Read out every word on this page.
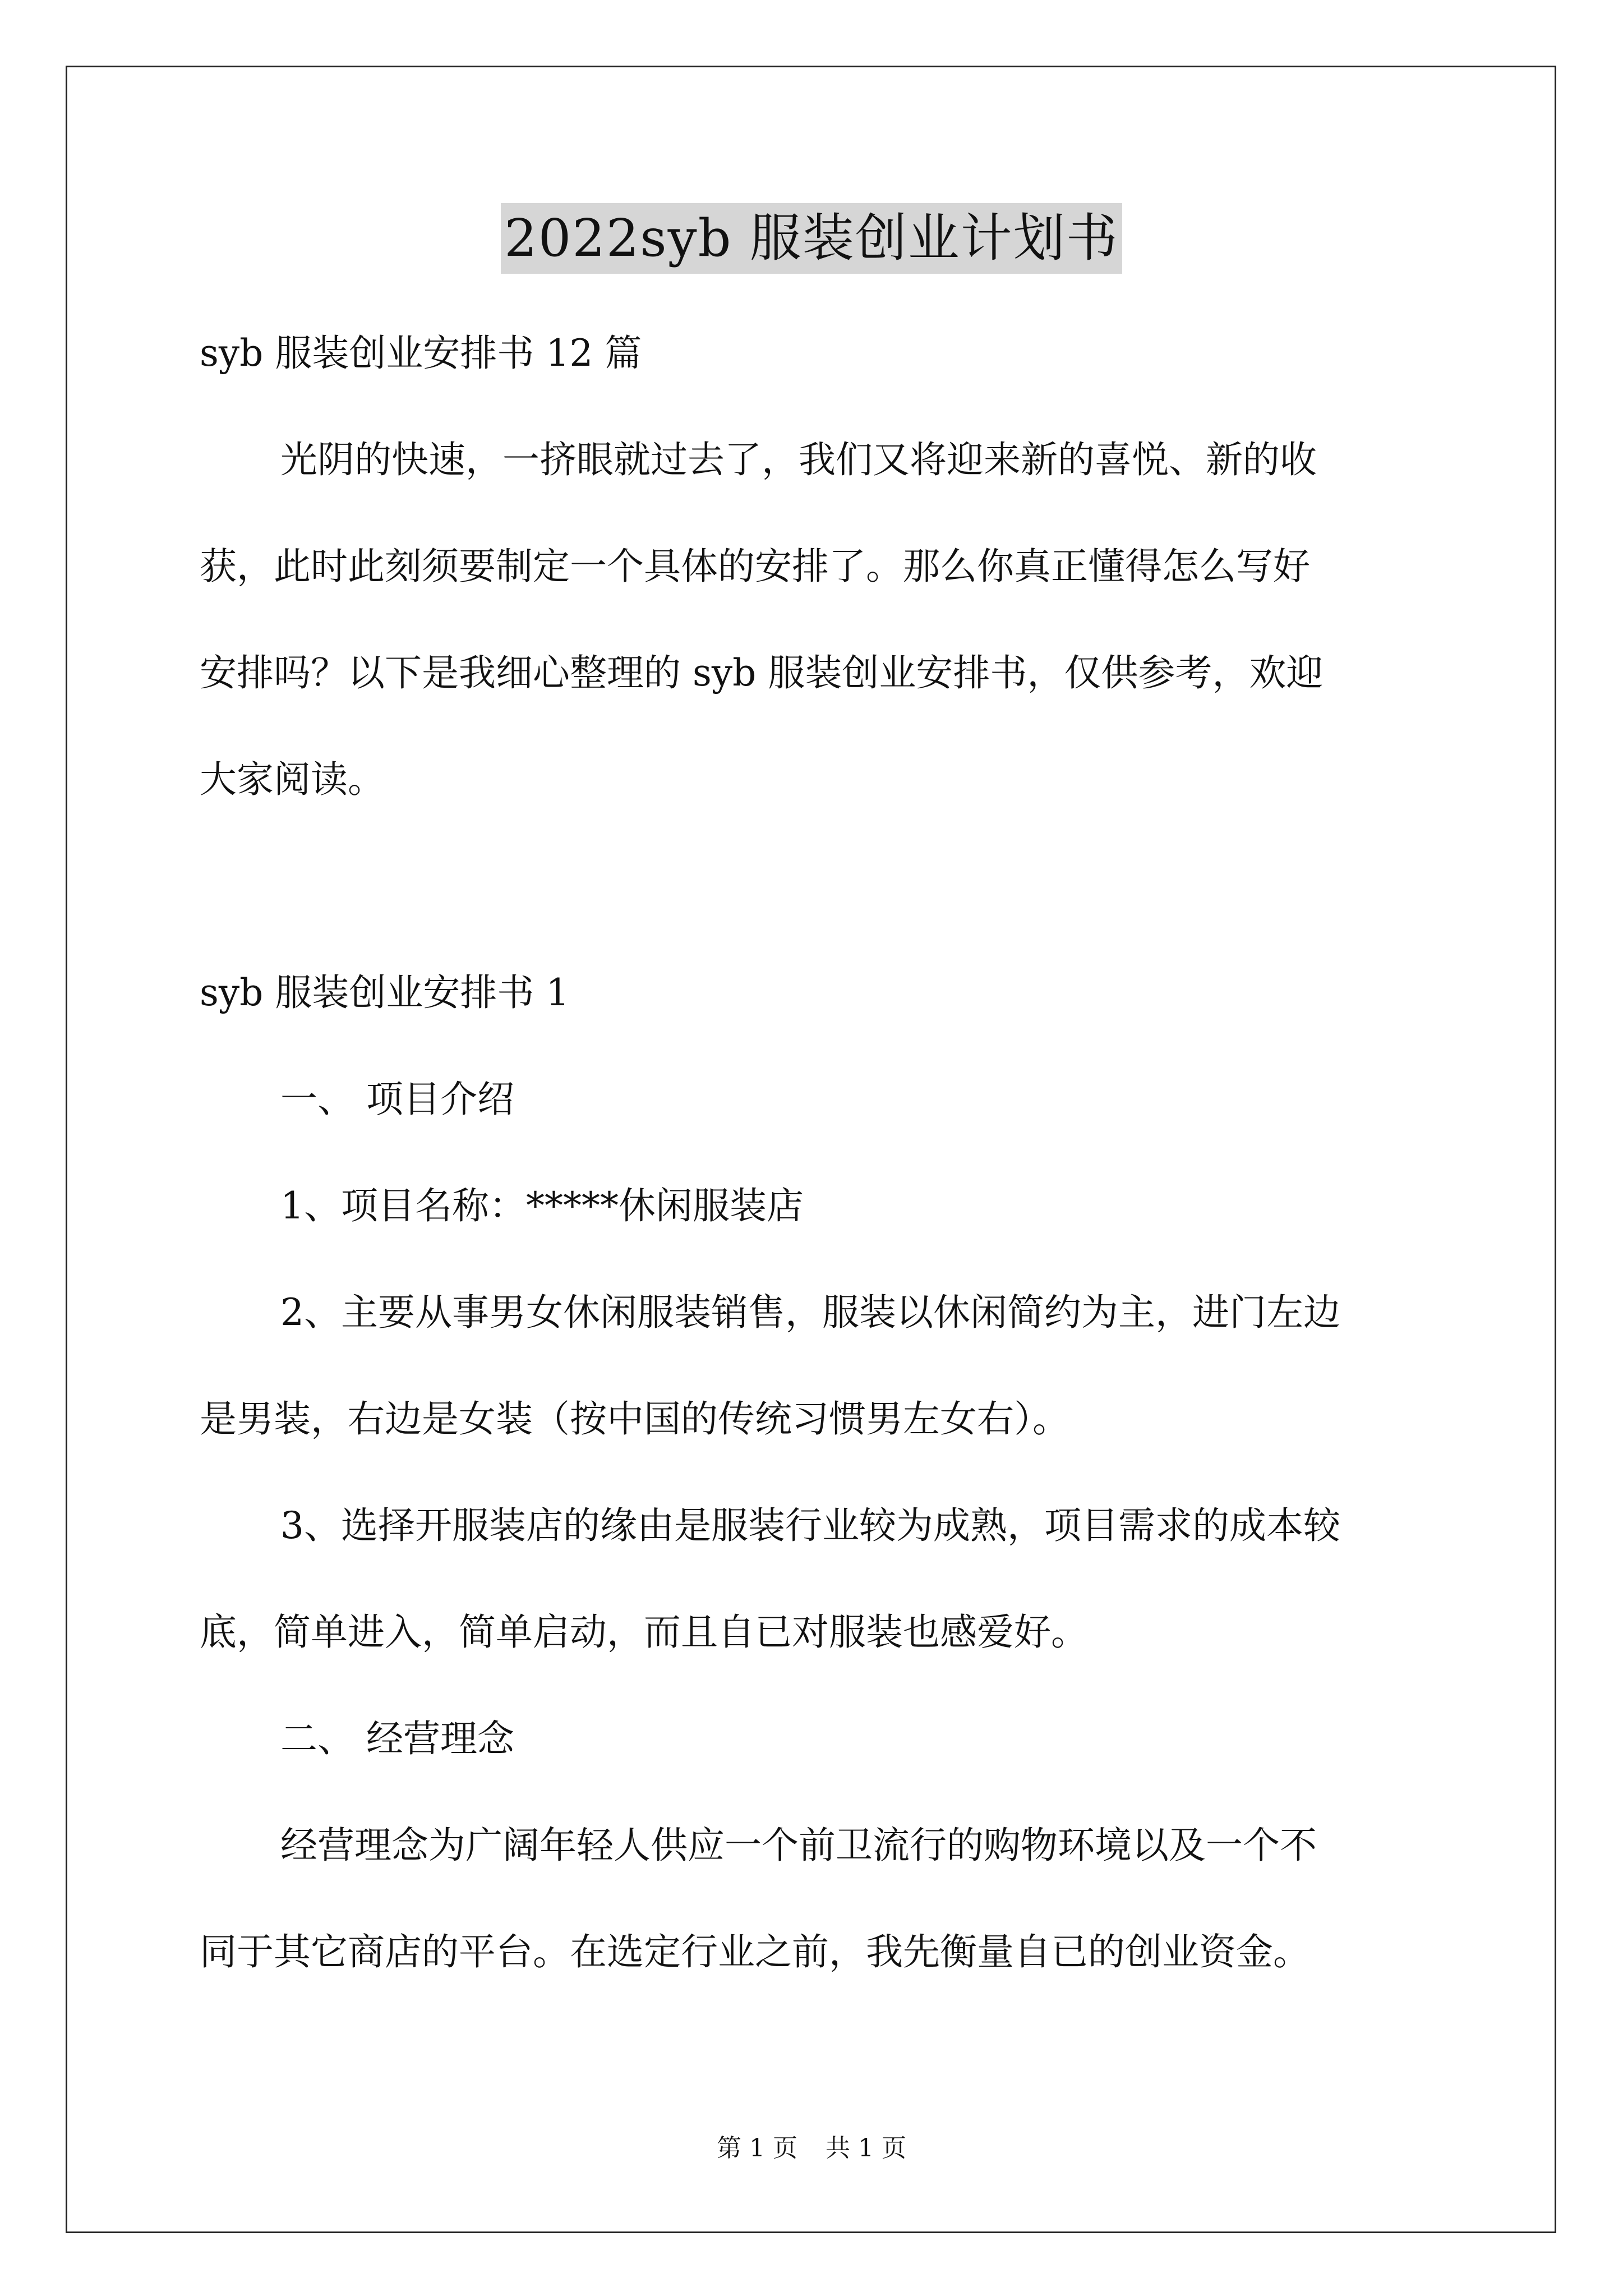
2022syb 服装创业计划书

syb 服装创业安排书 12 篇

光阴的快速，一挤眼就过去了，我们又将迎来新的喜悦、新的收

获，此时此刻须要制定一个具体的安排了。那么你真正懂得怎么写好

安排吗？以下是我细心整理的 syb 服装创业安排书，仅供参考，欢迎

大家阅读。

syb 服装创业安排书 1

一、 项目介绍

1、项目名称：*****休闲服装店

2、主要从事男女休闲服装销售，服装以休闲简约为主，进门左边

是男装，右边是女装（按中国的传统习惯男左女右）。

3、选择开服装店的缘由是服装行业较为成熟，项目需求的成本较

底，简单进入，简单启动，而且自已对服装也感爱好。

二、 经营理念

经营理念为广阔年轻人供应一个前卫流行的购物环境以及一个不

同于其它商店的平台。在选定行业之前，我先衡量自已的创业资金。

第 1 页 共 1 页
